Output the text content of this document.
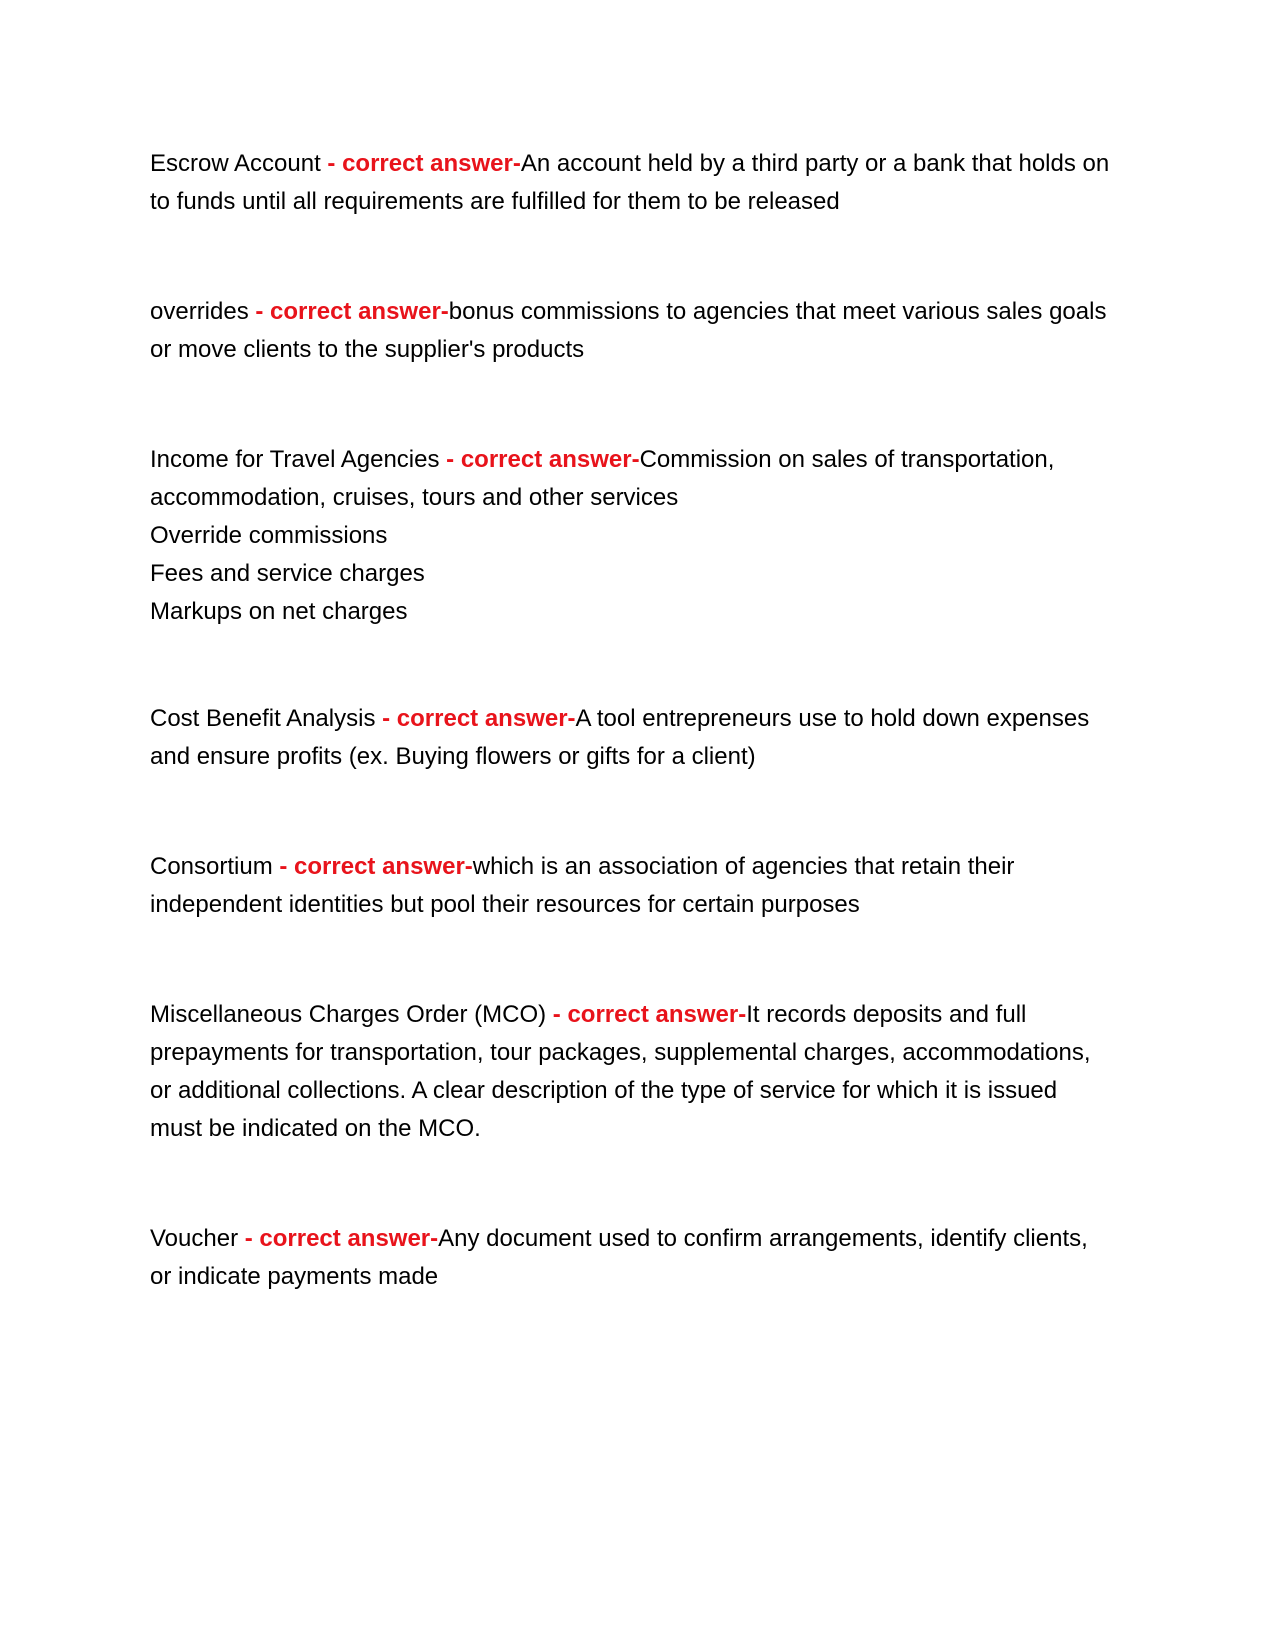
Escrow Account - correct answer-An account held by a third party or a bank that holds on to funds until all requirements are fulfilled for them to be released

overrides - correct answer-bonus commissions to agencies that meet various sales goals or move clients to the supplier's products

Income for Travel Agencies - correct answer-Commission on sales of transportation, accommodation, cruises, tours and other services

Override commissions

Fees and service charges

Markups on net charges

Cost Benefit Analysis - correct answer-A tool entrepreneurs use to hold down expenses and ensure profits (ex. Buying flowers or gifts for a client)

Consortium - correct answer-which is an association of agencies that retain their independent identities but pool their resources for certain purposes

Miscellaneous Charges Order (MCO) - correct answer-It records deposits and full prepayments for transportation, tour packages, supplemental charges, accommodations, or additional collections. A clear description of the type of service for which it is issued must be indicated on the MCO.

Voucher - correct answer-Any document used to confirm arrangements, identify clients, or indicate payments made
